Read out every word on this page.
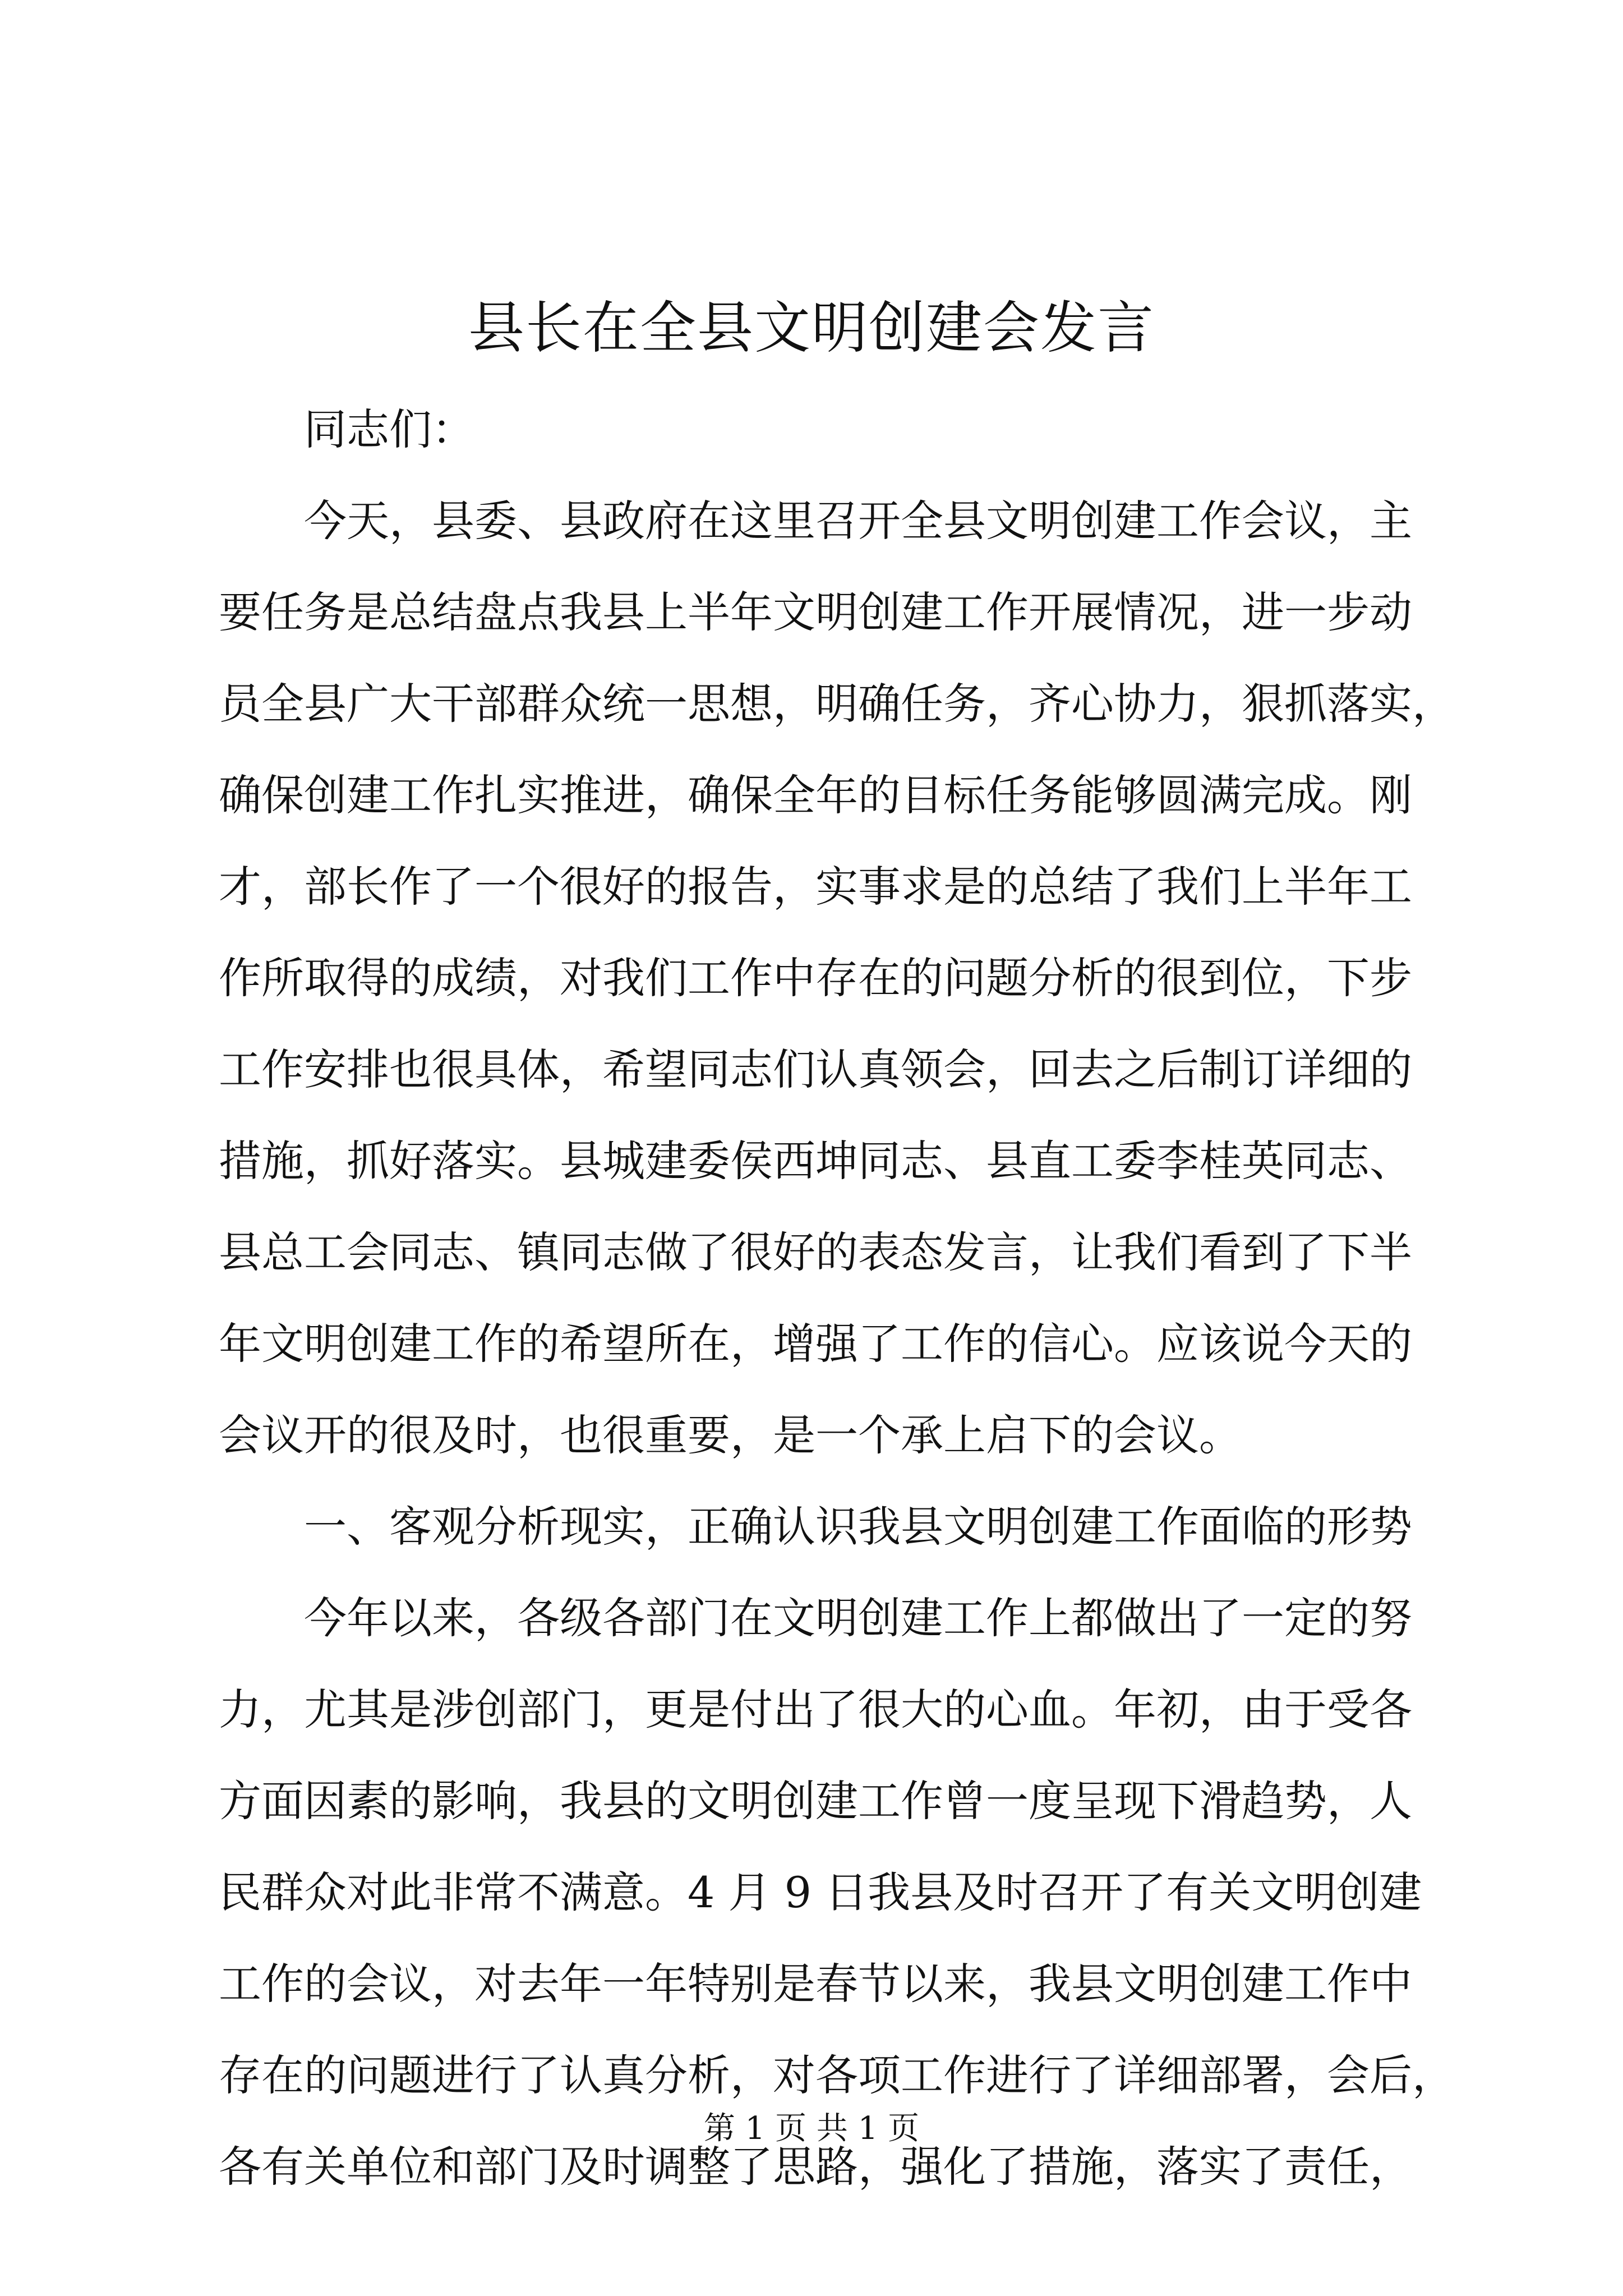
县长在全县文明创建会发言
同志们：
今天，县委、县政府在这里召开全县文明创建工作会议，主
要任务是总结盘点我县上半年文明创建工作开展情况，进一步动
员全县广大干部群众统一思想，明确任务，齐心协力，狠抓落实，
确保创建工作扎实推进，确保全年的目标任务能够圆满完成。刚
才，部长作了一个很好的报告，实事求是的总结了我们上半年工
作所取得的成绩，对我们工作中存在的问题分析的很到位，下步
工作安排也很具体，希望同志们认真领会，回去之后制订详细的
措施，抓好落实。县城建委侯西坤同志、县直工委李桂英同志、
县总工会同志、镇同志做了很好的表态发言，让我们看到了下半
年文明创建工作的希望所在，增强了工作的信心。应该说今天的
会议开的很及时，也很重要，是一个承上启下的会议。
一、客观分析现实，正确认识我县文明创建工作面临的形势
今年以来，各级各部门在文明创建工作上都做出了一定的努
力，尤其是涉创部门，更是付出了很大的心血。年初，由于受各
方面因素的影响，我县的文明创建工作曾一度呈现下滑趋势，人
民群众对此非常不满意。4 月 9 日我县及时召开了有关文明创建
工作的会议，对去年一年特别是春节以来，我县文明创建工作中
存在的问题进行了认真分析，对各项工作进行了详细部署，会后，
各有关单位和部门及时调整了思路，强化了措施，落实了责任，
第 1 页 共 1 页
